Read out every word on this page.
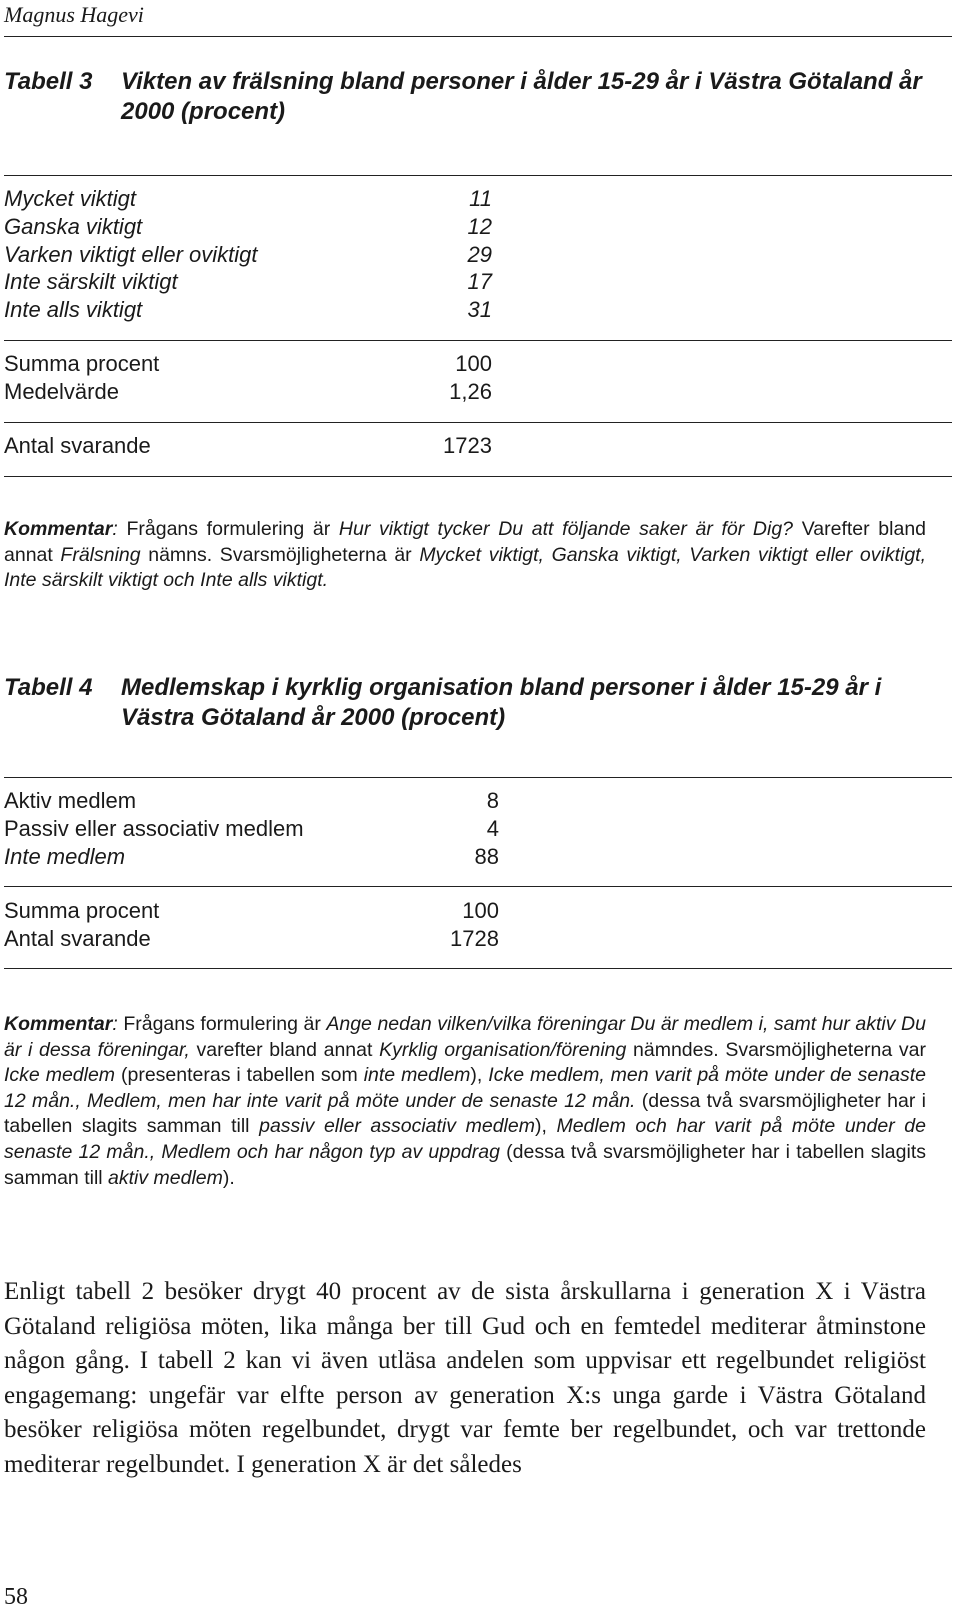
Magnus Hagevi
Tabell 3 Vikten av frälsning bland personer i ålder 15-29 år i Västra Götaland år 2000 (procent)
Mycket viktigt	11
Ganska viktigt	12
Varken viktigt eller oviktigt	29
Inte särskilt viktigt	17
Inte alls viktigt	31
Summa procent	100
Medelvärde	1,26
Antal svarande	1723
Kommentar: Frågans formulering är Hur viktigt tycker Du att följande saker är för Dig? Varefter bland annat Frälsning nämns. Svarsmöjligheterna är Mycket viktigt, Ganska viktigt, Varken viktigt eller oviktigt, Inte särskilt viktigt och Inte alls viktigt.
Tabell 4 Medlemskap i kyrklig organisation bland personer i ålder 15-29 år i Västra Götaland år 2000 (procent)
Aktiv medlem	8
Passiv eller associativ medlem	4
Inte medlem	88
Summa procent	100
Antal svarande	1728
Kommentar: Frågans formulering är Ange nedan vilken/vilka föreningar Du är medlem i, samt hur aktiv Du är i dessa föreningar, varefter bland annat Kyrklig organisation/förening nämndes. Svarsmöjligheterna var Icke medlem (presenteras i tabellen som inte medlem), Icke medlem, men varit på möte under de senaste 12 mån., Medlem, men har inte varit på möte under de senaste 12 mån. (dessa två svarsmöjligheter har i tabellen slagits samman till passiv eller associativ medlem), Medlem och har varit på möte under de senaste 12 mån., Medlem och har någon typ av uppdrag (dessa två svarsmöjligheter har i tabellen slagits samman till aktiv medlem).
Enligt tabell 2 besöker drygt 40 procent av de sista årskullarna i generation X i Västra Götaland religiösa möten, lika många ber till Gud och en femtedel mediterar åtminstone någon gång. I tabell 2 kan vi även utläsa andelen som uppvisar ett regelbundet religiöst engagemang: ungefär var elfte person av generation X:s unga garde i Västra Götaland besöker religiösa möten regelbundet, drygt var femte ber regelbundet, och var trettonde mediterar regelbundet. I generation X är det således
58
